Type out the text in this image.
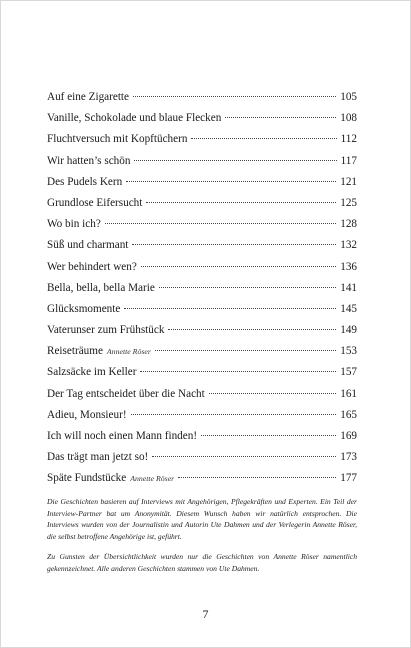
Auf eine Zigarette	105
Vanille, Schokolade und blaue Flecken	108
Fluchtversuch mit Kopftüchern	112
Wir hatten’s schön	117
Des Pudels Kern	121
Grundlose Eifersucht	125
Wo bin ich?	128
Süß und charmant	132
Wer behindert wen?	136
Bella, bella, bella Marie	141
Glücksmomente	145
Vaterunser zum Frühstück	149
Reiseträume Annette Röser	153
Salzsäcke im Keller	157
Der Tag entscheidet über die Nacht	161
Adieu, Monsieur!	165
Ich will noch einen Mann finden!	169
Das trägt man jetzt so!	173
Späte Fundstücke Annette Röser	177

Die Geschichten basieren auf Interviews mit Angehörigen, Pflegekräften und Experten. Ein Teil der Interview-Partner bat um Anonymität. Diesem Wunsch haben wir natürlich entsprochen. Die Interviews wurden von der Journalistin und Autorin Ute Dahmen und der Verlegerin Annette Röser, die selbst betroffene Angehörige ist, geführt.

Zu Gunsten der Übersichtlichkeit wurden nur die Geschichten von Annette Röser namentlich gekennzeichnet. Alle anderen Geschichten stammen von Ute Dahmen.

7
